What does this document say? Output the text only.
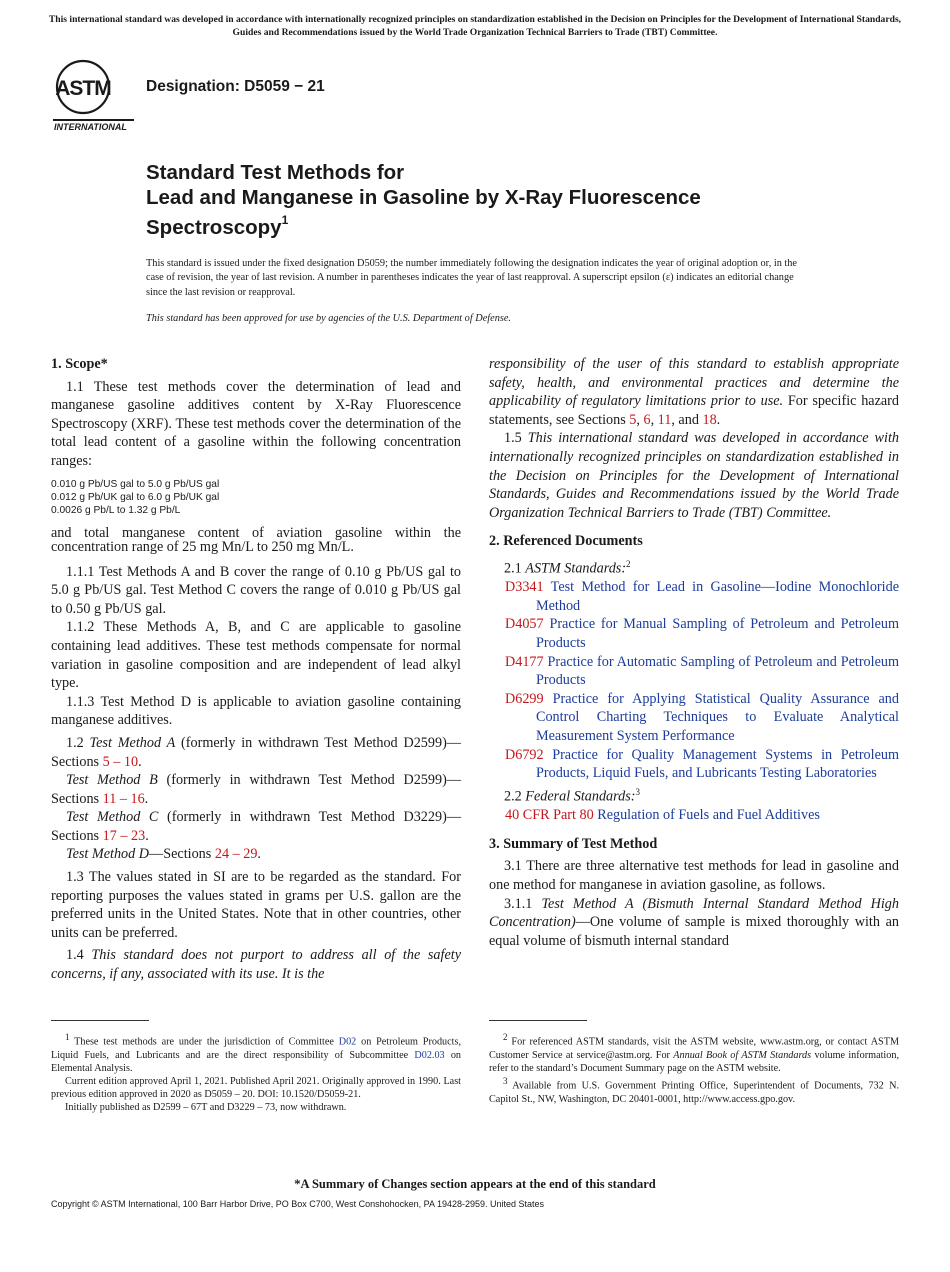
This international standard was developed in accordance with internationally recognized principles on standardization established in the Decision on Principles for the Development of International Standards, Guides and Recommendations issued by the World Trade Organization Technical Barriers to Trade (TBT) Committee.
ASTM
INTERNATIONAL
Designation: D5059 − 21
Standard Test Methods for
Lead and Manganese in Gasoline by X-Ray Fluorescence
Spectroscopy$^1$
This standard is issued under the fixed designation D5059; the number immediately following the designation indicates the year of original adoption or, in the case of revision, the year of last revision. A number in parentheses indicates the year of last reapproval. A superscript epsilon (ε) indicates an editorial change since the last revision or reapproval.
This standard has been approved for use by agencies of the U.S. Department of Defense.

1. Scope*

1.1 These test methods cover the determination of lead and manganese gasoline additives content by X-Ray Fluorescence Spectroscopy (XRF). These test methods cover the determination of the total lead content of a gasoline within the following concentration ranges:

0.010 g Pb/US gal to 5.0 g Pb/US gal

0.012 g Pb/UK gal to 6.0 g Pb/UK gal

0.0026 g Pb/L to 1.32 g Pb/L

and total manganese content of aviation gasoline within the concentration range of 25 mg Mn/L to 250 mg Mn/L.

1.1.1 Test Methods A and B cover the range of 0.10 g Pb/US gal to 5.0 g Pb/US gal. Test Method C covers the range of 0.010 g Pb/US gal to 0.50 g Pb/US gal.

1.1.2 These Methods A, B, and C are applicable to gasoline containing lead additives. These test methods compensate for normal variation in gasoline composition and are independent of lead alkyl type.

1.1.3 Test Method D is applicable to aviation gasoline containing manganese additives.

1.2 Test Method A (formerly in withdrawn Test Method D2599)—Sections 5 – 10.

Test Method B (formerly in withdrawn Test Method D2599)—Sections 11 – 16.

Test Method C (formerly in withdrawn Test Method D3229)—Sections 17 – 23.

Test Method D—Sections 24 – 29.

1.3 The values stated in SI are to be regarded as the standard. For reporting purposes the values stated in grams per U.S. gallon are the preferred units in the United States. Note that in other countries, other units can be preferred.

1.4 This standard does not purport to address all of the safety concerns, if any, associated with its use. It is the

responsibility of the user of this standard to establish appropriate safety, health, and environmental practices and determine the applicability of regulatory limitations prior to use. For specific hazard statements, see Sections 5, 6, 11, and 18.

1.5 This international standard was developed in accordance with internationally recognized principles on standardization established in the Decision on Principles for the Development of International Standards, Guides and Recommendations issued by the World Trade Organization Technical Barriers to Trade (TBT) Committee.

2. Referenced Documents

2.1 ASTM Standards:$^2$

D3341 Test Method for Lead in Gasoline—Iodine Monochloride Method

D4057 Practice for Manual Sampling of Petroleum and Petroleum Products

D4177 Practice for Automatic Sampling of Petroleum and Petroleum Products

D6299 Practice for Applying Statistical Quality Assurance and Control Charting Techniques to Evaluate Analytical Measurement System Performance

D6792 Practice for Quality Management Systems in Petroleum Products, Liquid Fuels, and Lubricants Testing Laboratories

2.2 Federal Standards:$^3$

40 CFR Part 80 Regulation of Fuels and Fuel Additives

3. Summary of Test Method

3.1 There are three alternative test methods for lead in gasoline and one method for manganese in aviation gasoline, as follows.

3.1.1 Test Method A (Bismuth Internal Standard Method High Concentration)—One volume of sample is mixed thoroughly with an equal volume of bismuth internal standard

$^1$ These test methods are under the jurisdiction of Committee D02 on Petroleum Products, Liquid Fuels, and Lubricants and are the direct responsibility of Subcommittee D02.03 on Elemental Analysis.

Current edition approved April 1, 2021. Published April 2021. Originally approved in 1990. Last previous edition approved in 2020 as D5059 – 20. DOI: 10.1520/D5059-21.

Initially published as D2599 – 67T and D3229 – 73, now withdrawn.

$^2$ For referenced ASTM standards, visit the ASTM website, www.astm.org, or contact ASTM Customer Service at service@astm.org. For Annual Book of ASTM Standards volume information, refer to the standard’s Document Summary page on the ASTM website.

$^3$ Available from U.S. Government Printing Office, Superintendent of Documents, 732 N. Capitol St., NW, Washington, DC 20401-0001, http://www.access.gpo.gov.

*A Summary of Changes section appears at the end of this standard
Copyright © ASTM International, 100 Barr Harbor Drive, PO Box C700, West Conshohocken, PA 19428-2959. United States
